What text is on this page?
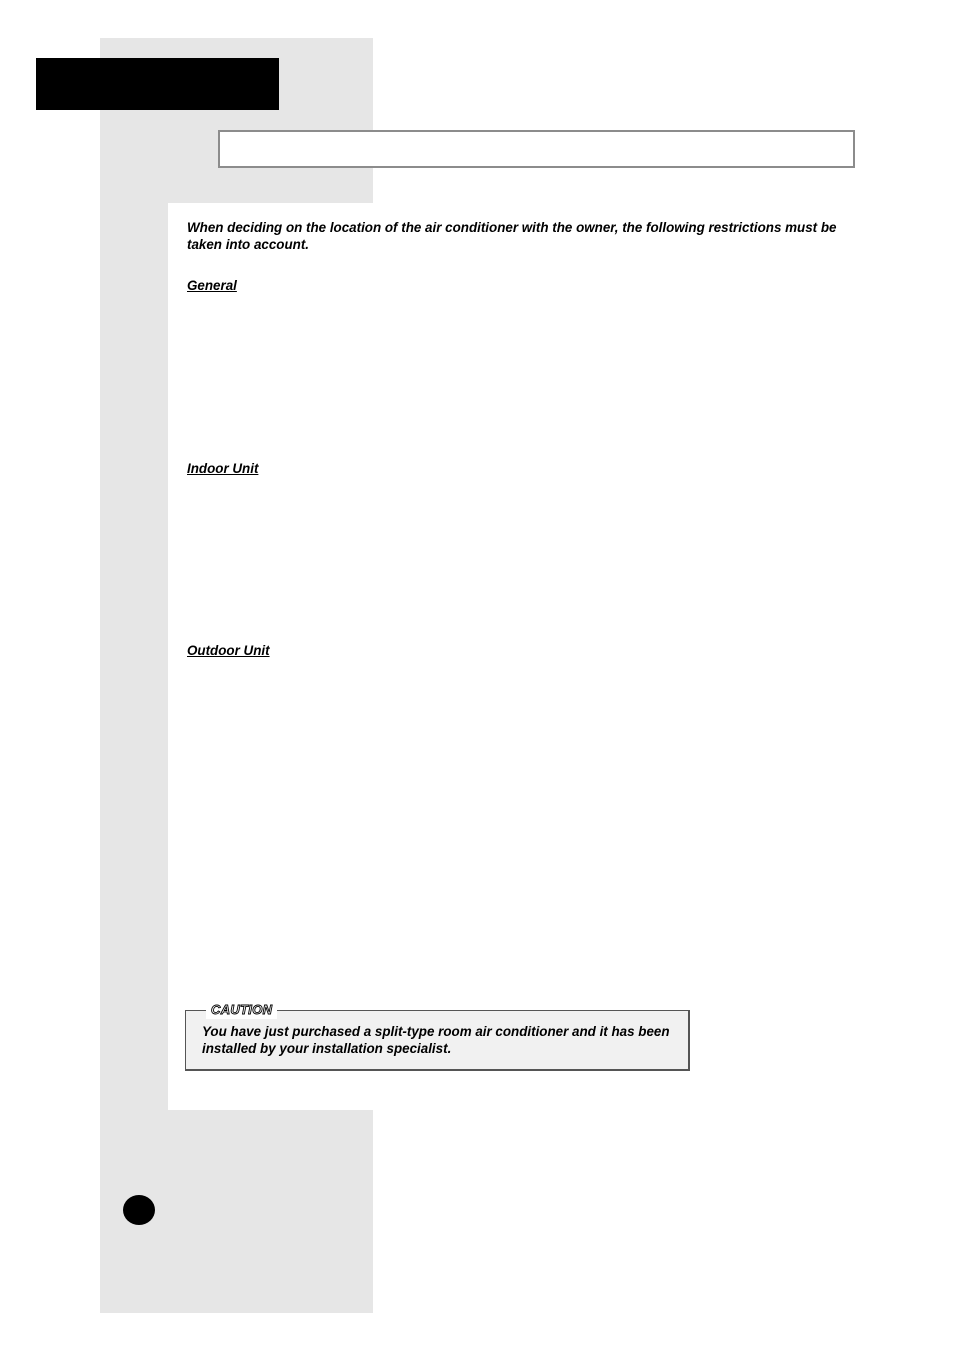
When deciding on the location of the air conditioner with the owner, the following restrictions must be taken into account.

General
Indoor Unit
Outdoor Unit
CAUTION

You have just purchased a split-type room air conditioner and it has been installed by your installation specialist.
